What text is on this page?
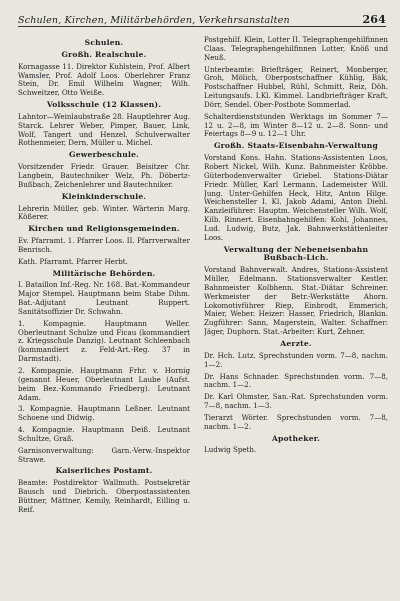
Schulen, Kirchen, Militärbehörden, Verkehrsanstalten	264
Schulen.
Großh. Realschule.

Kornagasse 11. Direktor Kuhlstein, Prof. Albert Wamsler, Prof. Adolf Loos. Oberlehrer Franz Stein, Dr. Emil Wilhelm Wagner, Wilh. Schweitzer, Otto Weiße.

Volksschule (12 Klassen).

Lahntor—Weinlaubstraße 28. Hauptlehrer Aug. Starck. Lehrer Weber, Pimper, Bauer, Link, Wolf, Tangert und Henzel. Schulverwalter Rothenmeier, Dern, Müller u. Michel.

Gewerbeschule.

Vorsitzender Friedr. Grauer. Beisitzer Chr. Langbein, Bautechniker Welz, Ph. Döbertz-Bußbach, Zeichenlehrer und Bautechniker.

Kleinkinderschule.

Lehrerin Müller, geb. Winter. Wärterin Marg. Kößerer.

Kirchen und Religionsgemeinden.

Ev. Pfarramt. 1. Pfarrer Loos. II. Pfarrverwalter Benrisch.

Kath. Pfarramt. Pfarrer Herbt.

Militärische Behörden.

I. Bataillon Inf.-Reg. Nr. 168. Bat.-Kommandeur Major Stempel. Hauptmann beim Stabe Dihm. Bat.-Adjutant Leutnant Ruppert. Sanitätsoffizier Dr. Schwahn.

1. Kompagnie. Hauptmann Weller. Oberleutnant Schulze und Ficau (kommandiert z. Kriegsschule Danzig). Leutnant Schleenbach (kommandiert z. Feld-Art.-Reg. 37 in Darmstadt).

2. Kompagnie. Hauptmann Frhr. v. Hornig (genannt Heuer, Oberleutnant Laube (Aufst. beim Bez.-Kommando Friedberg). Leutnant Adam.

3. Kompagnie. Hauptmann Leßner. Leutnant Schoene und Didwig.

4. Kompagnie. Hauptmann Deiß. Leutnant Schultze, Graß.

Garnisonverwaltung: Garn.-Verw.-Inspektor Strawe.

Kaiserliches Postamt.

Beamte: Postdirektor Wallmuth. Postsekretär Bausch und Diebrich. Oberpostassistenten Büttner, Mättner, Kemily, Reinhardt, Eilling u. Reif.

Postgehilf. Klein, Lotter II. Telegraphengehilfinnen Claas. Telegraphengehilfinnen Lotter, Knöß und Neuß.

Unterbeamte: Briefträger, Reinert, Monberger, Groh, Mölich, Oberpostschaffner Kühlig, Bäk, Postschaffner Hubbel, Rühl, Schmitt, Reiz, Döh. Leitungsaufs. I.Kl. Kimmel. Landbriefträger Kraft, Dörr, Sendel. Ober-Postbote Sommerlad.

Schalterdienststunden Werktags im Sommer 7—12 u. 2—8, im Winter 8—12 u. 2—8. Sonn- und Feiertags 8—9 u. 12—1 Uhr.

Großh. Staats-Eisenbahn-Verwaltung

Vorstand Kons. Hahn. Stations-Assistenten Loos, Robert Nickel, Wilh. Kunz. Bahnmeister Kröbbe. Güterbodenverwalter Griebel. Stations-Diätar Friedr. Müller, Karl Lermann. Lademeister Will. Jung. Unter-Gehilfen Heck, Hitz, Anton Hilge. Weichensteller I. Kl. Jakob Adami, Anton Diehl. Kanzleiführer: Hauptm. Weichensteller Wilh. Wolf, Kilb. Rinnert. Eisenbahngehilfen: Kohl, Johannes, Lud. Ludwig, Butz, Jak. Bahnwerkstättenleiter Loos.

Verwaltung der Nebeneisenbahn Bußbach-Lich.

Vorstand Bahnverwalt. Andres, Stations-Assistent Müller, Edelmann. Stationsverwalter Kestler. Bahnmeister Kolbhenn. Stat.-Diätar Schreiner. Werkmeister der Betr.-Werkstätte Ahorn. Lokomotivführer Riep, Einbrodt, Emmerich, Maier, Weber. Heizer: Hasser, Friedrich, Blankin. Zugführer: Sann, Magerstein, Walter. Schaffner: Jäger, Duphorn. Stat.-Arbeiter: Kurt, Zehner.

Aerzte.

Dr. Hch. Lutz. Sprechstunden vorm. 7—8, nachm. 1—2.

Dr. Hans Schnader. Sprechstunden vorm. 7—8, nachm. 1—2.

Dr. Karl Ohmster, San.-Rat. Sprechstunden vorm. 7—8, nachm. 1—3.

Tierarzt Wörter. Sprechstunden vorm. 7—8, nachm. 1—2.

Apotheker.

Ludwig Speth.
